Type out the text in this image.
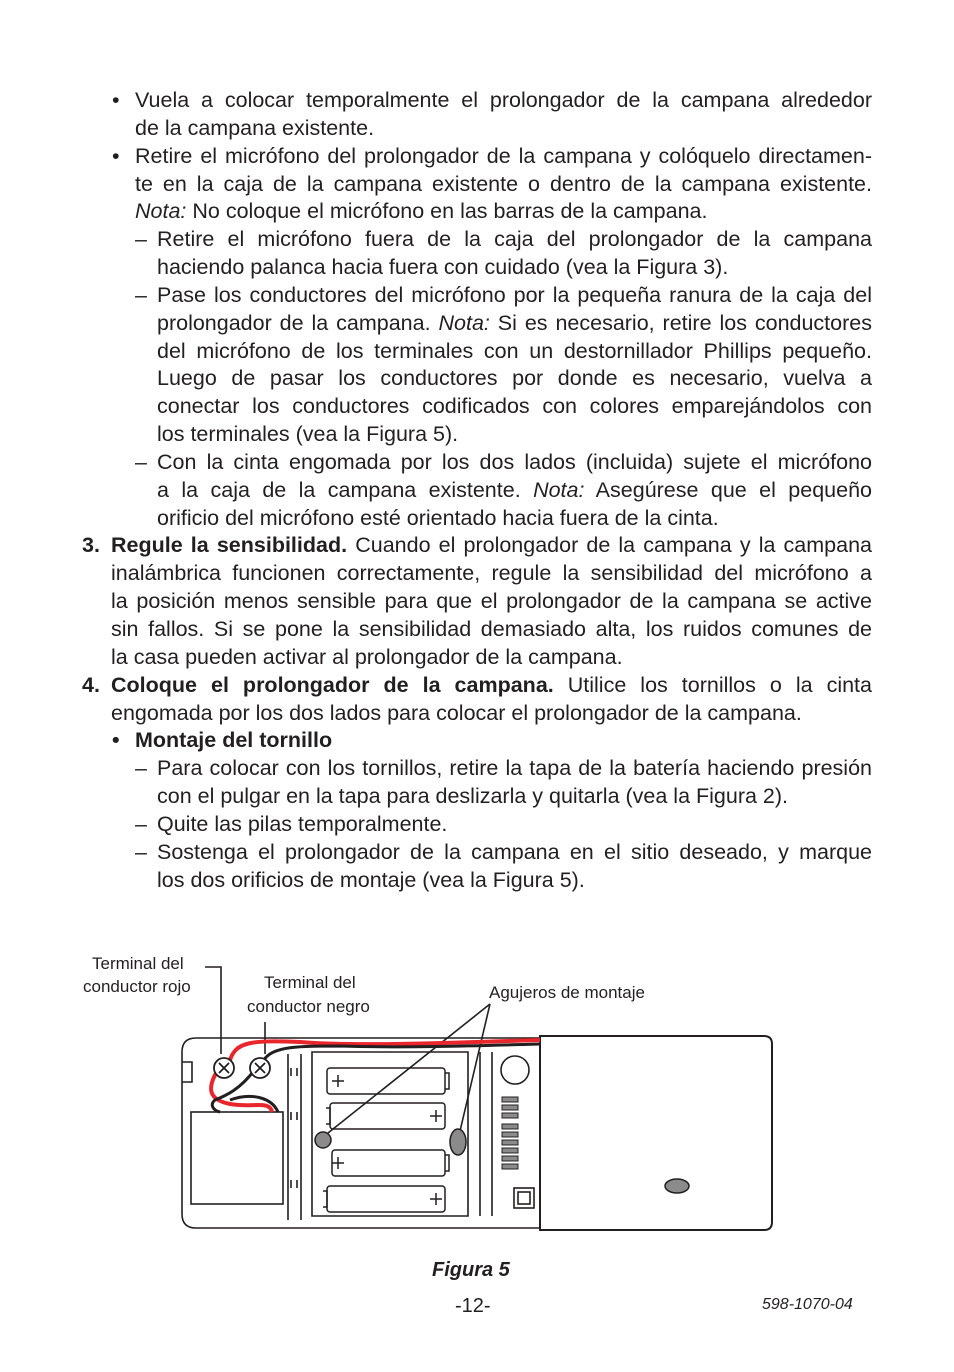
• Vuela a colocar temporalmente el prolongador de la campana alrededor
de la campana existente.
• Retire el micrófono del prolongador de la campana y colóquelo directamen-
te en la caja de la campana existente o dentro de la campana existente.
Nota: No coloque el micrófono en las barras de la campana.
– Retire el micrófono fuera de la caja del prolongador de la campana
haciendo palanca hacia fuera con cuidado (vea la Figura 3).
– Pase los conductores del micrófono por la pequeña ranura de la caja del
prolongador de la campana. Nota: Si es necesario, retire los conductores
del micrófono de los terminales con un destornillador Phillips pequeño.
Luego de pasar los conductores por donde es necesario, vuelva a
conectar los conductores codificados con colores emparejándolos con
los terminales (vea la Figura 5).
– Con la cinta engomada por los dos lados (incluida) sujete el micrófono
a la caja de la campana existente. Nota: Asegúrese que el pequeño
orificio del micrófono esté orientado hacia fuera de la cinta.
3. Regule la sensibilidad. Cuando el prolongador de la campana y la campana
inalámbrica funcionen correctamente, regule la sensibilidad del micrófono a
la posición menos sensible para que el prolongador de la campana se active
sin fallos. Si se pone la sensibilidad demasiado alta, los ruidos comunes de
la casa pueden activar al prolongador de la campana.
4. Coloque el prolongador de la campana. Utilice los tornillos o la cinta
engomada por los dos lados para colocar el prolongador de la campana.
• Montaje del tornillo
– Para colocar con los tornillos, retire la tapa de la batería haciendo presión
con el pulgar en la tapa para deslizarla y quitarla (vea la Figura 2).
– Quite las pilas temporalmente.
– Sostenga el prolongador de la campana en el sitio deseado, y marque
los dos orificios de montaje (vea la Figura 5).
Terminal del
conductor rojo	Terminal del
conductor negro
Agujeros de montaje
Figura 5
-12-	598-1070-04
